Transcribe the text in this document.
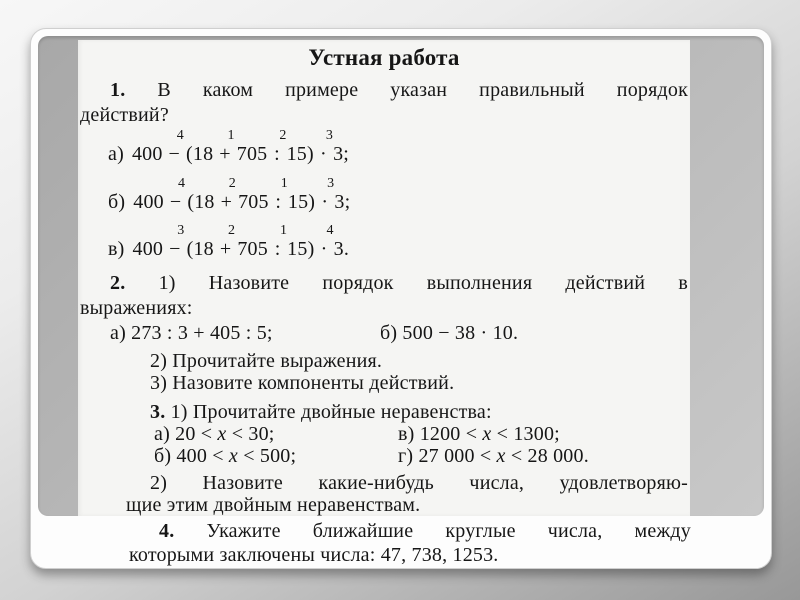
Устная работа
1. В каком примере указан правильный порядок
действий?
а) 400
4
− (18
1
+ 705
2
: 15)
3
· 3;
б) 400
4
− (18
2
+ 705
1
: 15)
3
· 3;
в) 400
3
− (18
2
+ 705
1
: 15)
4
· 3.
2. 1) Назовите порядок выполнения действий в
выражениях:
а) 273 : 3 + 405 : 5;	б) 500 − 38 · 10.
2) Прочитайте выражения.
3) Назовите компоненты действий.
3. 1) Прочитайте двойные неравенства:
а) 20 < x < 30;	в) 1200 < x < 1300;
б) 400 < x < 500;	г) 27 000 < x < 28 000.
2) Назовите какие-нибудь числа, удовлетворяю-
щие этим двойным неравенствам.
4. Укажите ближайшие круглые числа, между
которыми заключены числа: 47, 738, 1253.
